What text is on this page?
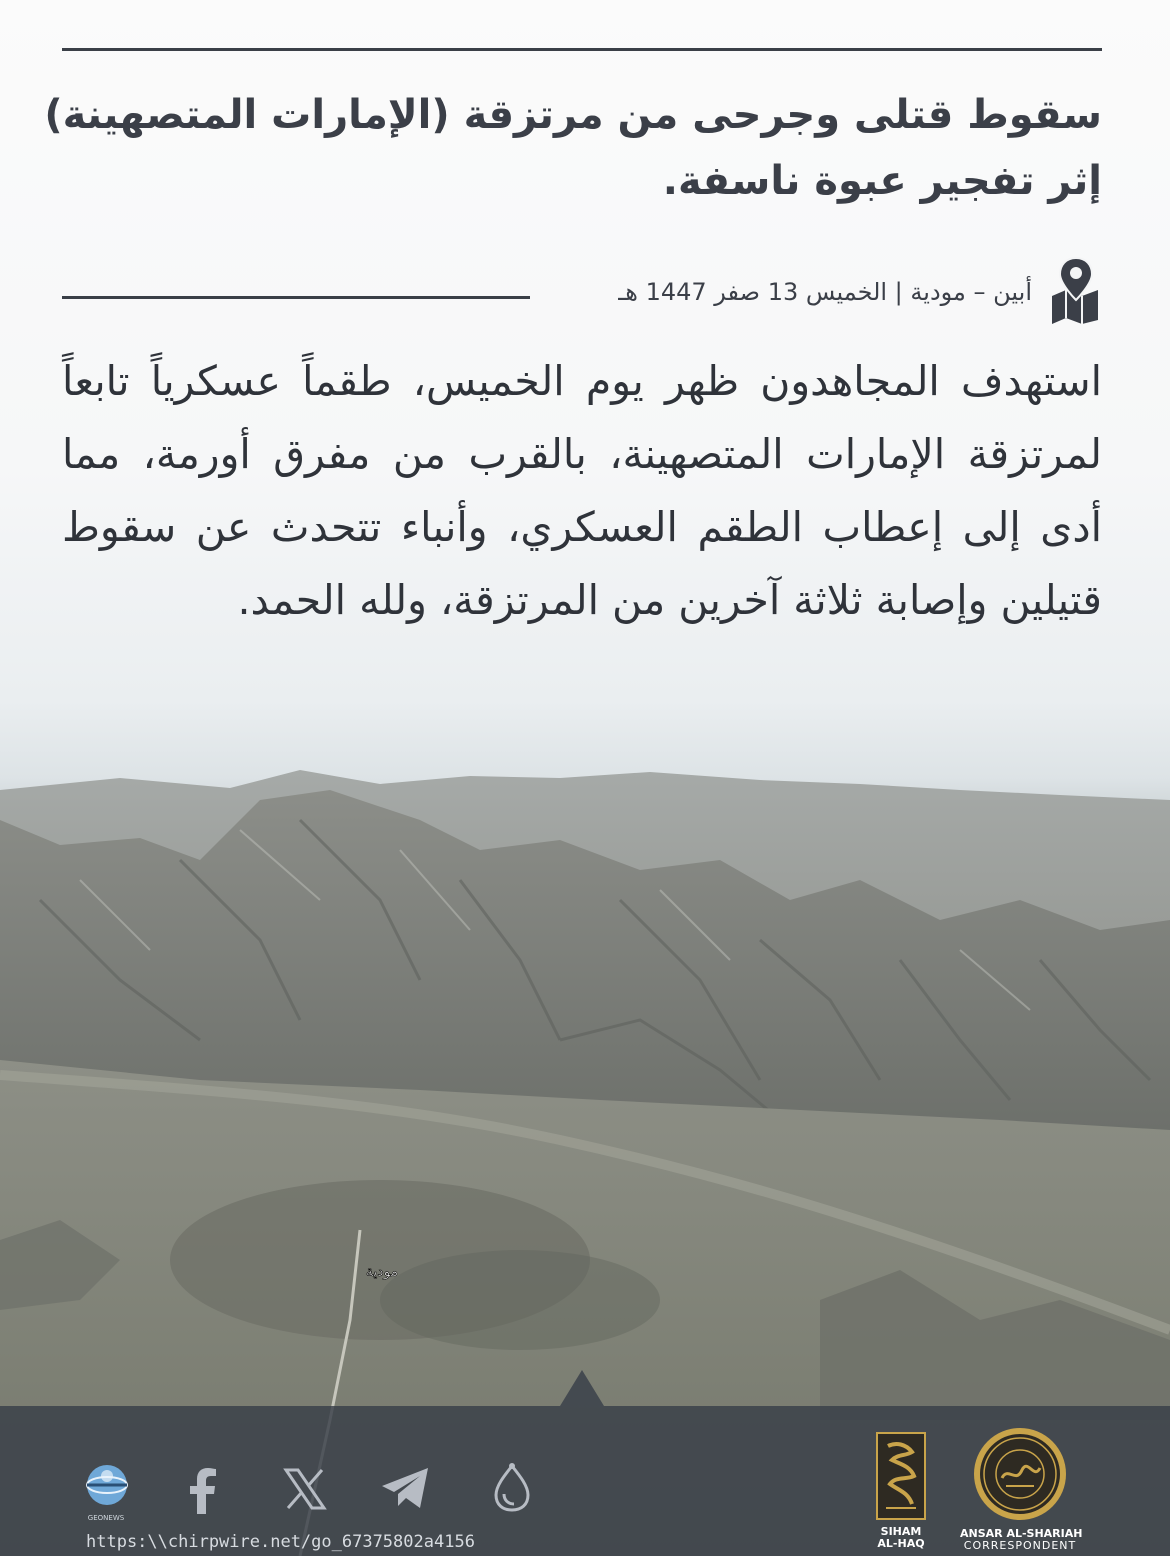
مودية
سقوط قتلى وجرحى من مرتزقة (الإمارات المتصهينة) إثر تفجير عبوة ناسفة.
أبين – مودية | الخميس 13 صفر 1447 هـ

استهدف المجاهدون ظهر يوم الخميس، طقماً عسكرياً تابعاً لمرتزقة الإمارات المتصهينة، بالقرب من مفرق أورمة، مما أدى إلى إعطاب الطقم العسكري، وأنباء تتحدث عن سقوط قتيلين وإصابة ثلاثة آخرين من المرتزقة، ولله الحمد.

GEONEWS
https:\\chirpwire.net/go_67375802a4156
SIHAM
AL-HAQ
ANSAR AL-SHARIAH
CORRESPONDENT
